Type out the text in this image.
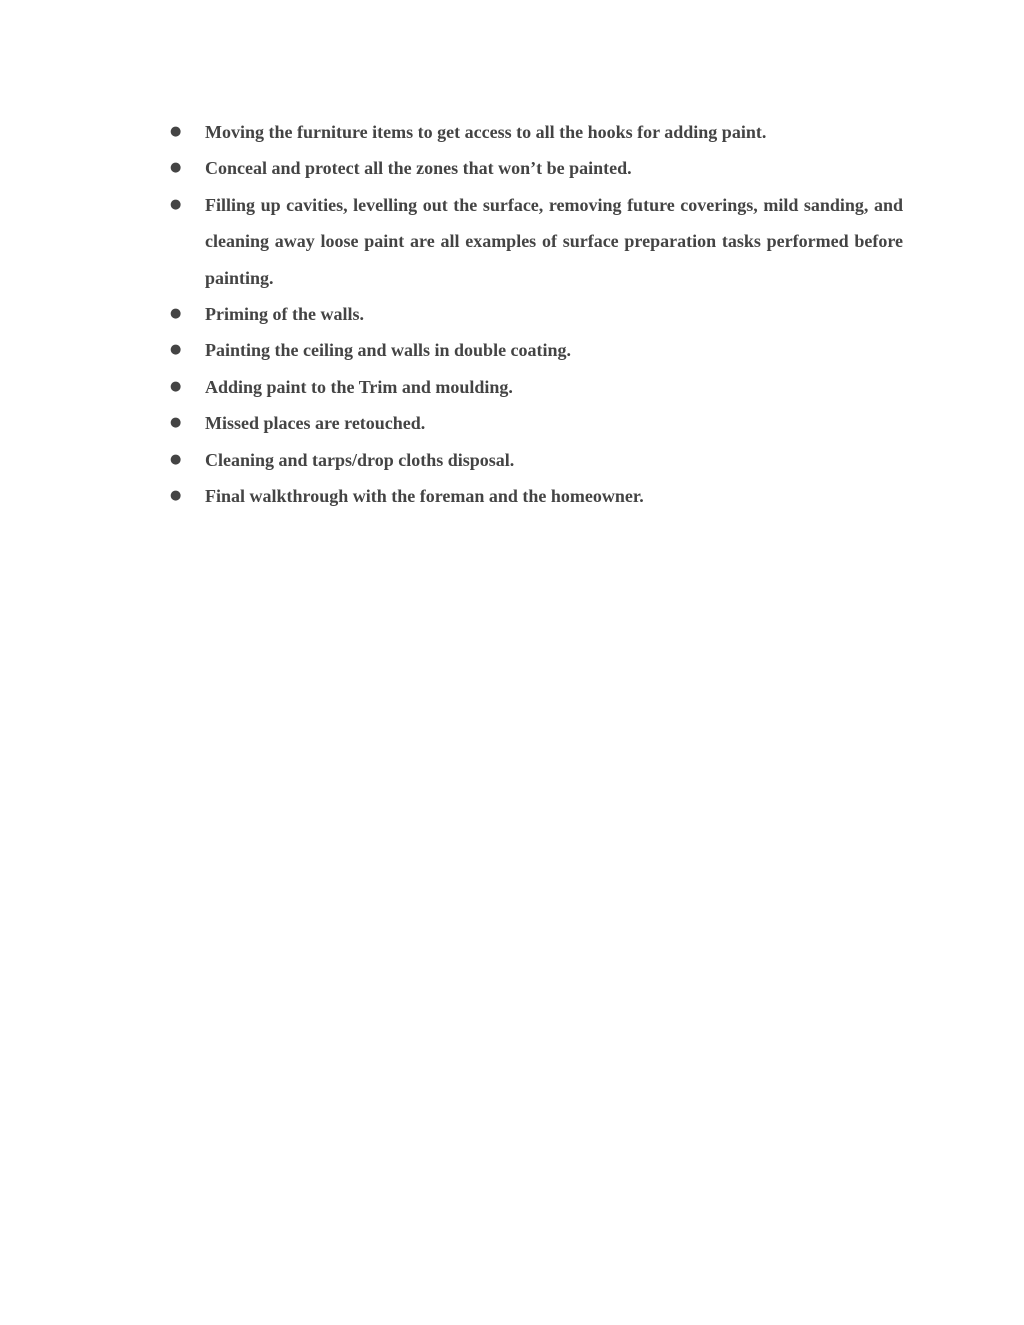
●	Moving the furniture items to get access to all the hooks for adding paint.
●	Conceal and protect all the zones that won’t be painted.
●	Filling up cavities, levelling out the surface, removing future coverings, mild sanding, and cleaning away loose paint are all examples of surface preparation tasks performed before painting.
●	Priming of the walls.
●	Painting the ceiling and walls in double coating.
●	Adding paint to the Trim and moulding.
●	Missed places are retouched.
●	Cleaning and tarps/drop cloths disposal.
●	Final walkthrough with the foreman and the homeowner.
